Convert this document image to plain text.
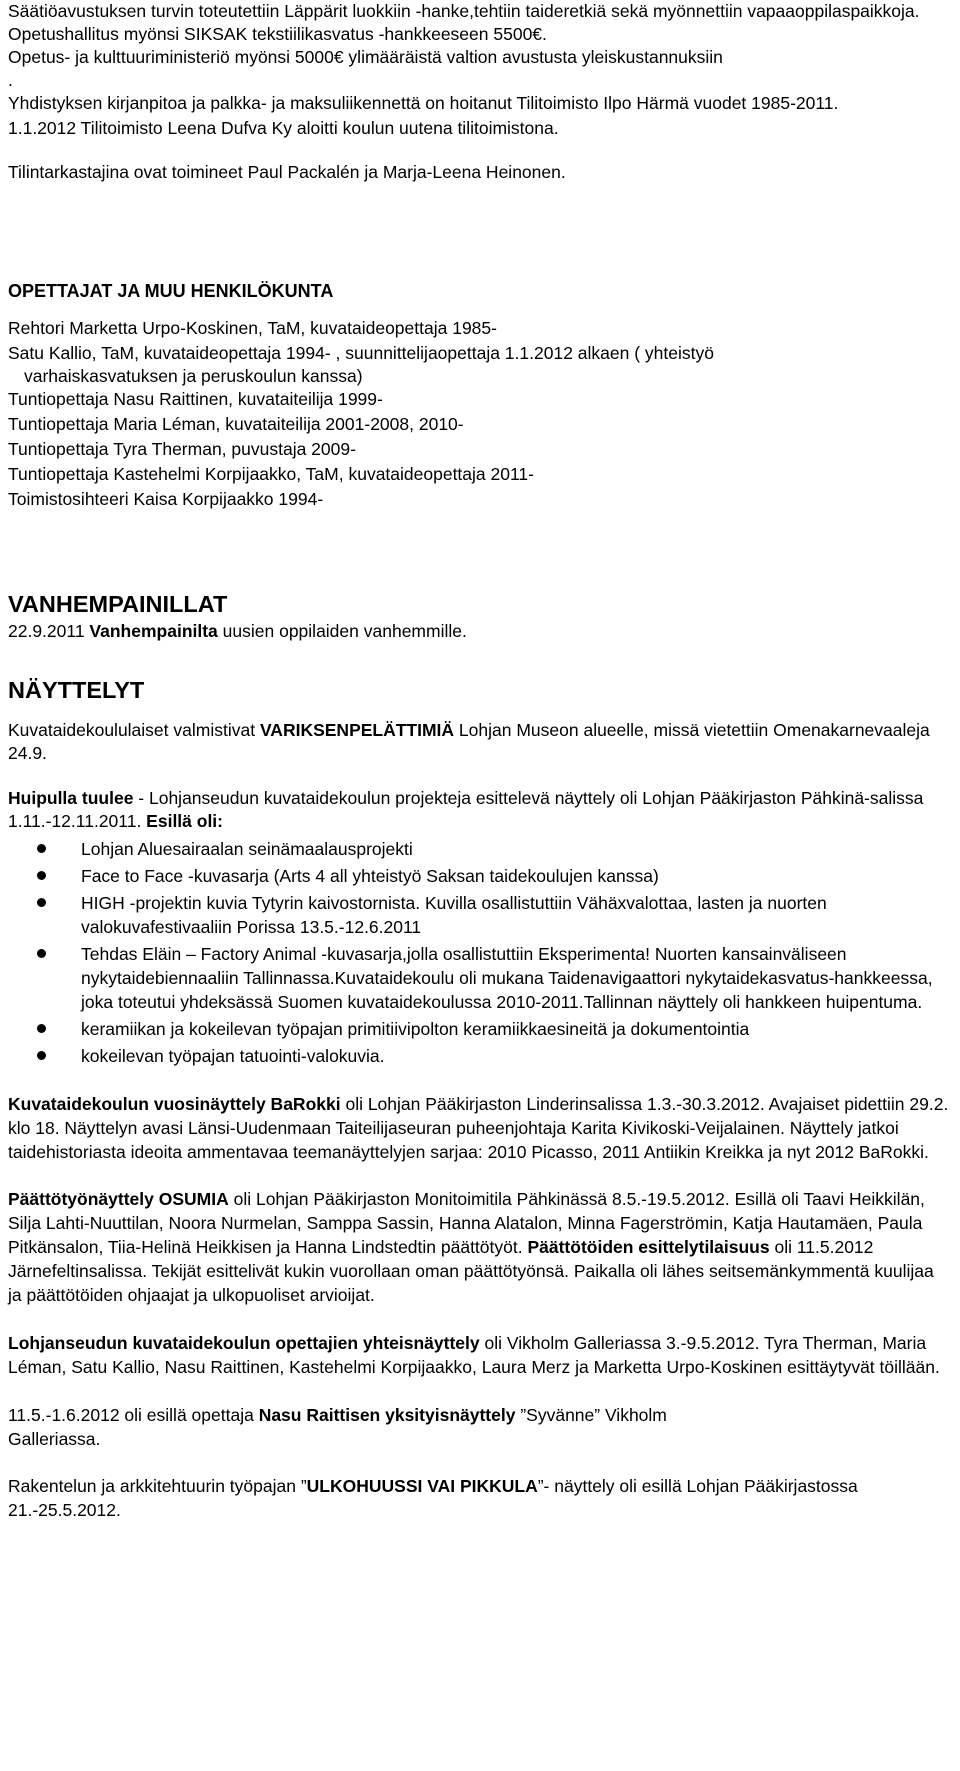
Säätiöavustuksen turvin toteutettiin Läppärit luokkiin -hanke,tehtiin taideretkiä sekä myönnettiin vapaaoppilaspaikkoja.

Opetushallitus myönsi SIKSAK tekstiilikasvatus -hankkeeseen 5500€.

Opetus- ja kulttuuriministeriö myönsi 5000€ ylimääräistä valtion avustusta yleiskustannuksiin

.

Yhdistyksen kirjanpitoa ja palkka- ja maksuliikennettä on hoitanut Tilitoimisto Ilpo Härmä vuodet 1985-2011.

1.1.2012 Tilitoimisto Leena Dufva Ky aloitti koulun uutena tilitoimistona.

Tilintarkastajina ovat toimineet Paul Packalén ja Marja-Leena Heinonen.

OPETTAJAT JA MUU HENKILÖKUNTA

Rehtori Marketta Urpo-Koskinen, TaM, kuvataideopettaja 1985-

Satu Kallio, TaM, kuvataideopettaja 1994- , suunnittelijaopettaja 1.1.2012 alkaen ( yhteistyö

varhaiskasvatuksen ja peruskoulun kanssa)

Tuntiopettaja Nasu Raittinen, kuvataiteilija 1999-

Tuntiopettaja Maria Léman, kuvataiteilija 2001-2008, 2010-

Tuntiopettaja Tyra Therman, puvustaja 2009-

Tuntiopettaja Kastehelmi Korpijaakko, TaM, kuvataideopettaja 2011-

Toimistosihteeri Kaisa Korpijaakko 1994-

VANHEMPAINILLAT

22.9.2011 Vanhempainilta uusien oppilaiden vanhemmille.

NÄYTTELYT

Kuvataidekoululaiset valmistivat VARIKSENPELÄTTIMIÄ Lohjan Museon alueelle, missä vietettiin Omenakarnevaaleja 24.9.

Huipulla tuulee - Lohjanseudun kuvataidekoulun projekteja esittelevä näyttely oli Lohjan Pääkirjaston Pähkinä-salissa 1.11.-12.11.2011. Esillä oli:

Lohjan Aluesairaalan seinämaalausprojekti
Face to Face -kuvasarja (Arts 4 all yhteistyö Saksan taidekoulujen kanssa)
HIGH -projektin kuvia Tytyrin kaivostornista. Kuvilla osallistuttiin Vähäxvalottaa, lasten ja nuorten valokuvafestivaaliin Porissa 13.5.-12.6.2011
Tehdas Eläin – Factory Animal -kuvasarja,jolla osallistuttiin Eksperimenta! Nuorten kansainväliseen nykytaidebiennaaliin Tallinnassa.Kuvataidekoulu oli mukana Taidenavigaattori nykytaidekasvatus-hankkeessa, joka toteutui yhdeksässä Suomen kuvataidekoulussa 2010-2011.Tallinnan näyttely oli hankkeen huipentuma.
keramiikan ja kokeilevan työpajan primitiivipolton keramiikkaesineitä ja dokumentointia
kokeilevan työpajan tatuointi-valokuvia.

Kuvataidekoulun vuosinäyttely BaRokki oli Lohjan Pääkirjaston Linderinsalissa 1.3.-30.3.2012. Avajaiset pidettiin 29.2. klo 18. Näyttelyn avasi Länsi-Uudenmaan Taiteilijaseuran puheenjohtaja Karita Kivikoski-Veijalainen. Näyttely jatkoi taidehistoriasta ideoita ammentavaa teemanäyttelyjen sarjaa: 2010 Picasso, 2011 Antiikin Kreikka ja nyt 2012 BaRokki.

Päättötyönäyttely OSUMIA oli Lohjan Pääkirjaston Monitoimitila Pähkinässä 8.5.-19.5.2012. Esillä oli Taavi Heikkilän, Silja Lahti-Nuuttilan, Noora Nurmelan, Samppa Sassin, Hanna Alatalon, Minna Fagerströmin, Katja Hautamäen, Paula Pitkänsalon, Tiia-Helinä Heikkisen ja Hanna Lindstedtin päättötyöt. Päättötöiden esittelytilaisuus oli 11.5.2012 Järnefeltinsalissa. Tekijät esittelivät kukin vuorollaan oman päättötyönsä. Paikalla oli lähes seitsemänkymmentä kuulijaa ja päättötöiden ohjaajat ja ulkopuoliset arvioijat.

Lohjanseudun kuvataidekoulun opettajien yhteisnäyttely oli Vikholm Galleriassa 3.-9.5.2012. Tyra Therman, Maria Léman, Satu Kallio, Nasu Raittinen, Kastehelmi Korpijaakko, Laura Merz ja Marketta Urpo-Koskinen esittäytyvät töillään.

11.5.-1.6.2012 oli esillä opettaja Nasu Raittisen yksityisnäyttely ”Syvänne” Vikholm Galleriassa.

Rakentelun ja arkkitehtuurin työpajan ”ULKOHUUSSI VAI PIKKULA”- näyttely oli esillä Lohjan Pääkirjastossa 21.-25.5.2012.
